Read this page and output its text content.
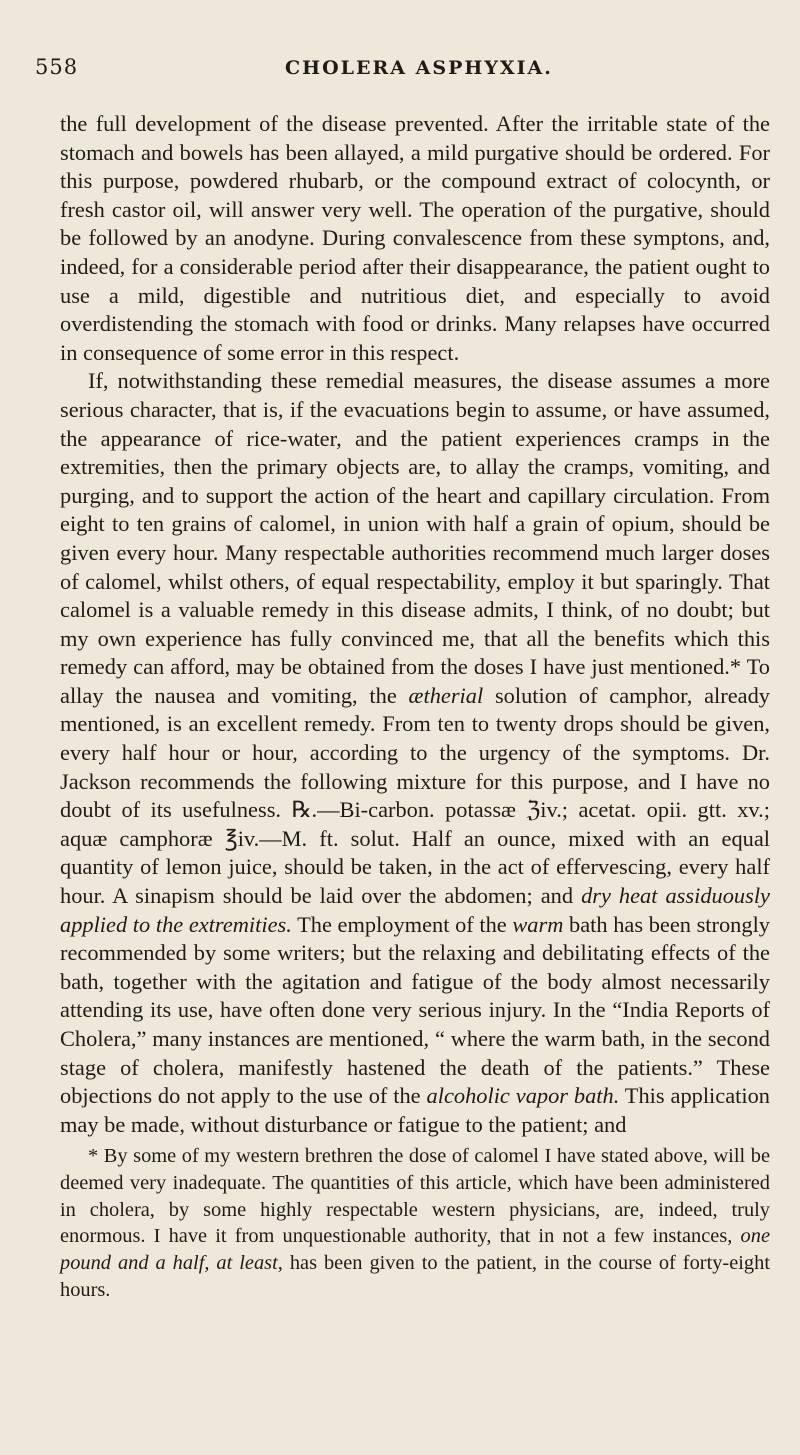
558	CHOLERA ASPHYXIA.

the full development of the disease prevented. After the irritable state of the stomach and bowels has been allayed, a mild purgative should be ordered. For this purpose, powdered rhubarb, or the compound extract of colocynth, or fresh castor oil, will answer very well. The operation of the purgative, should be followed by an anodyne. During convalescence from these symptons, and, indeed, for a considerable period after their disappearance, the patient ought to use a mild, digestible and nutritious diet, and especially to avoid overdistending the stomach with food or drinks. Many relapses have occurred in consequence of some error in this respect.

If, notwithstanding these remedial measures, the disease assumes a more serious character, that is, if the evacuations begin to assume, or have assumed, the appearance of rice-water, and the patient experiences cramps in the extremities, then the primary objects are, to allay the cramps, vomiting, and purging, and to support the action of the heart and capillary circulation. From eight to ten grains of calomel, in union with half a grain of opium, should be given every hour. Many respectable authorities recommend much larger doses of calomel, whilst others, of equal respectability, employ it but sparingly. That calomel is a valuable remedy in this disease admits, I think, of no doubt; but my own experience has fully convinced me, that all the benefits which this remedy can afford, may be obtained from the doses I have just mentioned.* To allay the nausea and vomiting, the ætherial solution of camphor, already mentioned, is an excellent remedy. From ten to twenty drops should be given, every half hour or hour, according to the urgency of the symptoms. Dr. Jackson recommends the following mixture for this purpose, and I have no doubt of its usefulness. ℞.—Bi-carbon. potassæ ℨiv.; acetat. opii. gtt. xv.; aquæ camphoræ ℥iv.—M. ft. solut. Half an ounce, mixed with an equal quantity of lemon juice, should be taken, in the act of effervescing, every half hour. A sinapism should be laid over the abdomen; and dry heat assiduously applied to the extremities. The employment of the warm bath has been strongly recommended by some writers; but the relaxing and debilitating effects of the bath, together with the agitation and fatigue of the body almost necessarily attending its use, have often done very serious injury. In the “India Reports of Cholera,” many instances are mentioned, “ where the warm bath, in the second stage of cholera, manifestly hastened the death of the patients.” These objections do not apply to the use of the alcoholic vapor bath. This application may be made, without disturbance or fatigue to the patient; and

* By some of my western brethren the dose of calomel I have stated above, will be deemed very inadequate. The quantities of this article, which have been administered in cholera, by some highly respectable western physicians, are, indeed, truly enormous. I have it from unquestionable authority, that in not a few instances, one pound and a half, at least, has been given to the patient, in the course of forty-eight hours.
